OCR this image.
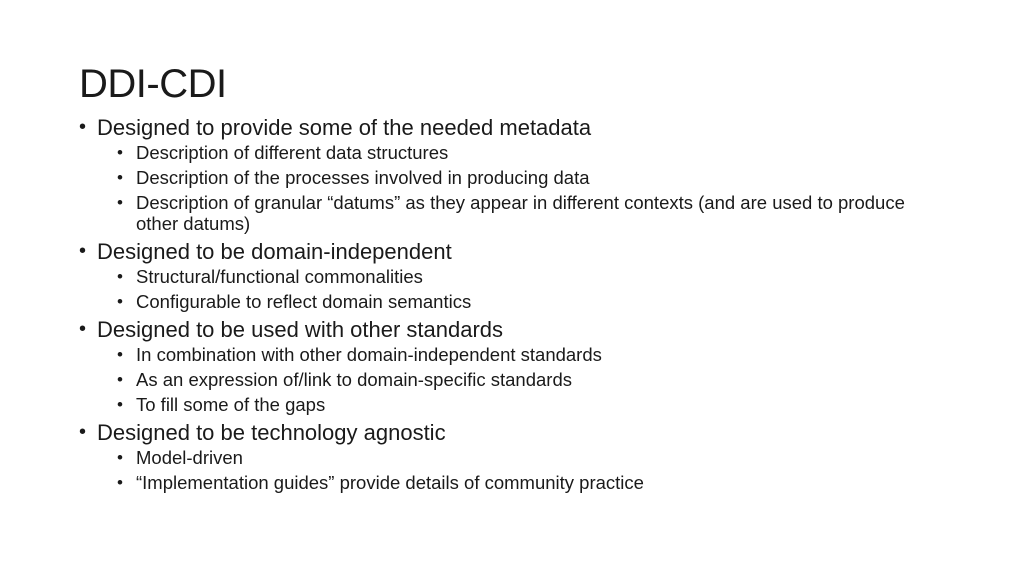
DDI-CDI
• Designed to provide some of the needed metadata
• Description of different data structures
• Description of the processes involved in producing data
• Description of granular “datums” as they appear in different contexts (and are used to produce other datums)
• Designed to be domain-independent
• Structural/functional commonalities
• Configurable to reflect domain semantics
• Designed to be used with other standards
• In combination with other domain-independent standards
• As an expression of/link to domain-specific standards
• To fill some of the gaps
• Designed to be technology agnostic
• Model-driven
• “Implementation guides” provide details of community practice
